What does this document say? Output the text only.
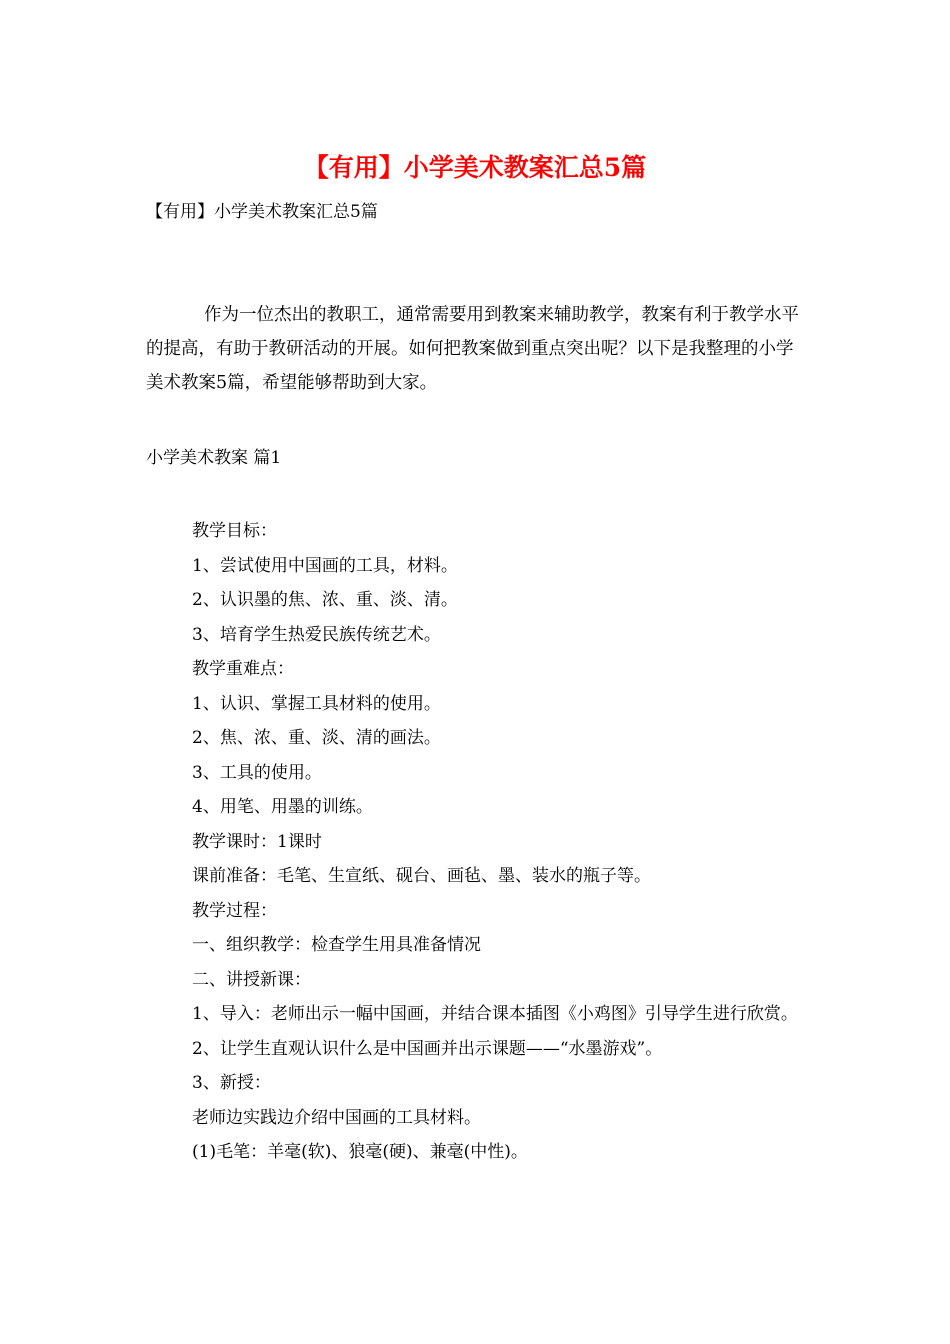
【有用】小学美术教案汇总5篇
【有用】小学美术教案汇总5篇

作为一位杰出的教职工，通常需要用到教案来辅助教学，教案有利于教学水平的提高，有助于教研活动的开展。如何把教案做到重点突出呢？以下是我整理的小学美术教案5篇，希望能够帮助到大家。

小学美术教案 篇1

教学目标：

1、尝试使用中国画的工具，材料。

2、认识墨的焦、浓、重、淡、清。

3、培育学生热爱民族传统艺术。

教学重难点：

1、认识、掌握工具材料的使用。

2、焦、浓、重、淡、清的画法。

3、工具的使用。

4、用笔、用墨的训练。

教学课时：1课时

课前准备：毛笔、生宣纸、砚台、画毡、墨、装水的瓶子等。

教学过程：

一、组织教学：检查学生用具准备情况

二、讲授新课：

1、导入：老师出示一幅中国画，并结合课本插图《小鸡图》引导学生进行欣赏。

2、让学生直观认识什么是中国画并出示课题——“水墨游戏”。

3、新授：

老师边实践边介绍中国画的工具材料。

(1)毛笔：羊毫(软)、狼毫(硬)、兼毫(中性)。
